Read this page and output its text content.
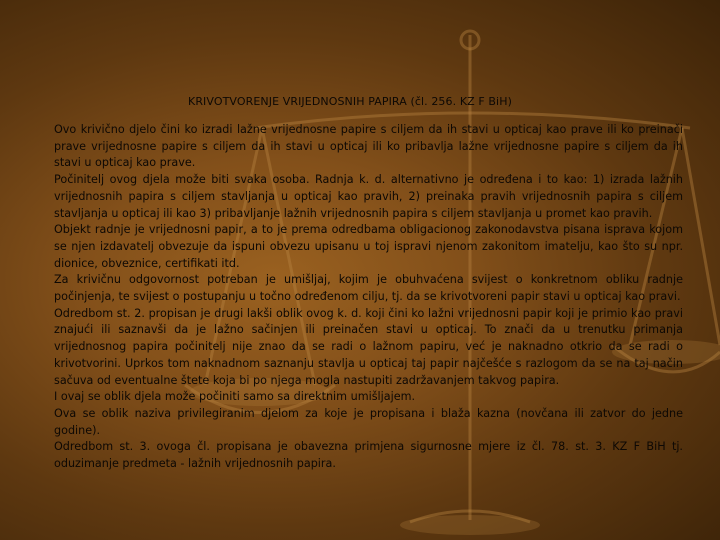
KRIVOTVORENJE VRIJEDNOSNIH PAPIRA (čl. 256. KZ F BiH)

Ovo krivično djelo čini ko izradi lažne vrijednosne papire s ciljem da ih stavi u opticaj kao prave ili ko preinači prave vrijednosne papire s ciljem da ih stavi u opticaj ili ko pribavlja lažne vrijednosne papire s ciljem da ih stavi u opticaj kao prave.

Počinitelj ovog djela može biti svaka osoba. Radnja k. d. alternativno je određena i to kao: 1) izrada lažnih vrijednosnih papira s ciljem stavljanja u opticaj kao pravih, 2) preinaka pravih vrijednosnih papira s ciljem stavljanja u opticaj ili kao 3) pribavljanje lažnih vrijednosnih papira s ciljem stavljanja u promet kao pravih.

Objekt radnje je vrijednosni papir, a to je prema odredbama obligacionog zakonodavstva pisana isprava kojom se njen izdavatelj obvezuje da ispuni obvezu upisanu u toj ispravi njenom zakonitom imatelju, kao što su npr. dionice, obveznice, certifikati itd.

Za krivičnu odgovornost potreban je umišljaj, kojim je obuhvaćena svijest o konkretnom obliku radnje počinjenja, te svijest o postupanju u točno određenom cilju, tj. da se krivotvoreni papir stavi u opticaj kao pravi.

Odredbom st. 2. propisan je drugi lakši oblik ovog k. d. koji čini ko lažni vrijednosni papir koji je primio kao pravi znajući ili saznavši da je lažno sačinjen ili preinačen stavi u opticaj. To znači da u trenutku primanja vrijednosnog papira počinitelj nije znao da se radi o lažnom papiru, već je naknadno otkrio da se radi o krivotvorini. Uprkos tom naknadnom saznanju stavlja u opticaj taj papir najčešće s razlogom da se na taj način sačuva od eventualne štete koja bi po njega mogla nastupiti zadržavanjem takvog papira.

I ovaj se oblik djela može počiniti samo sa direktnim umišljajem.

Ova se oblik naziva privilegiranim djelom za koje je propisana i blaža kazna (novčana ili zatvor do jedne godine).

Odredbom st. 3. ovoga čl. propisana je obavezna primjena sigurnosne mjere iz čl. 78. st. 3. KZ F BiH tj. oduzimanje predmeta - lažnih vrijednosnih papira.
